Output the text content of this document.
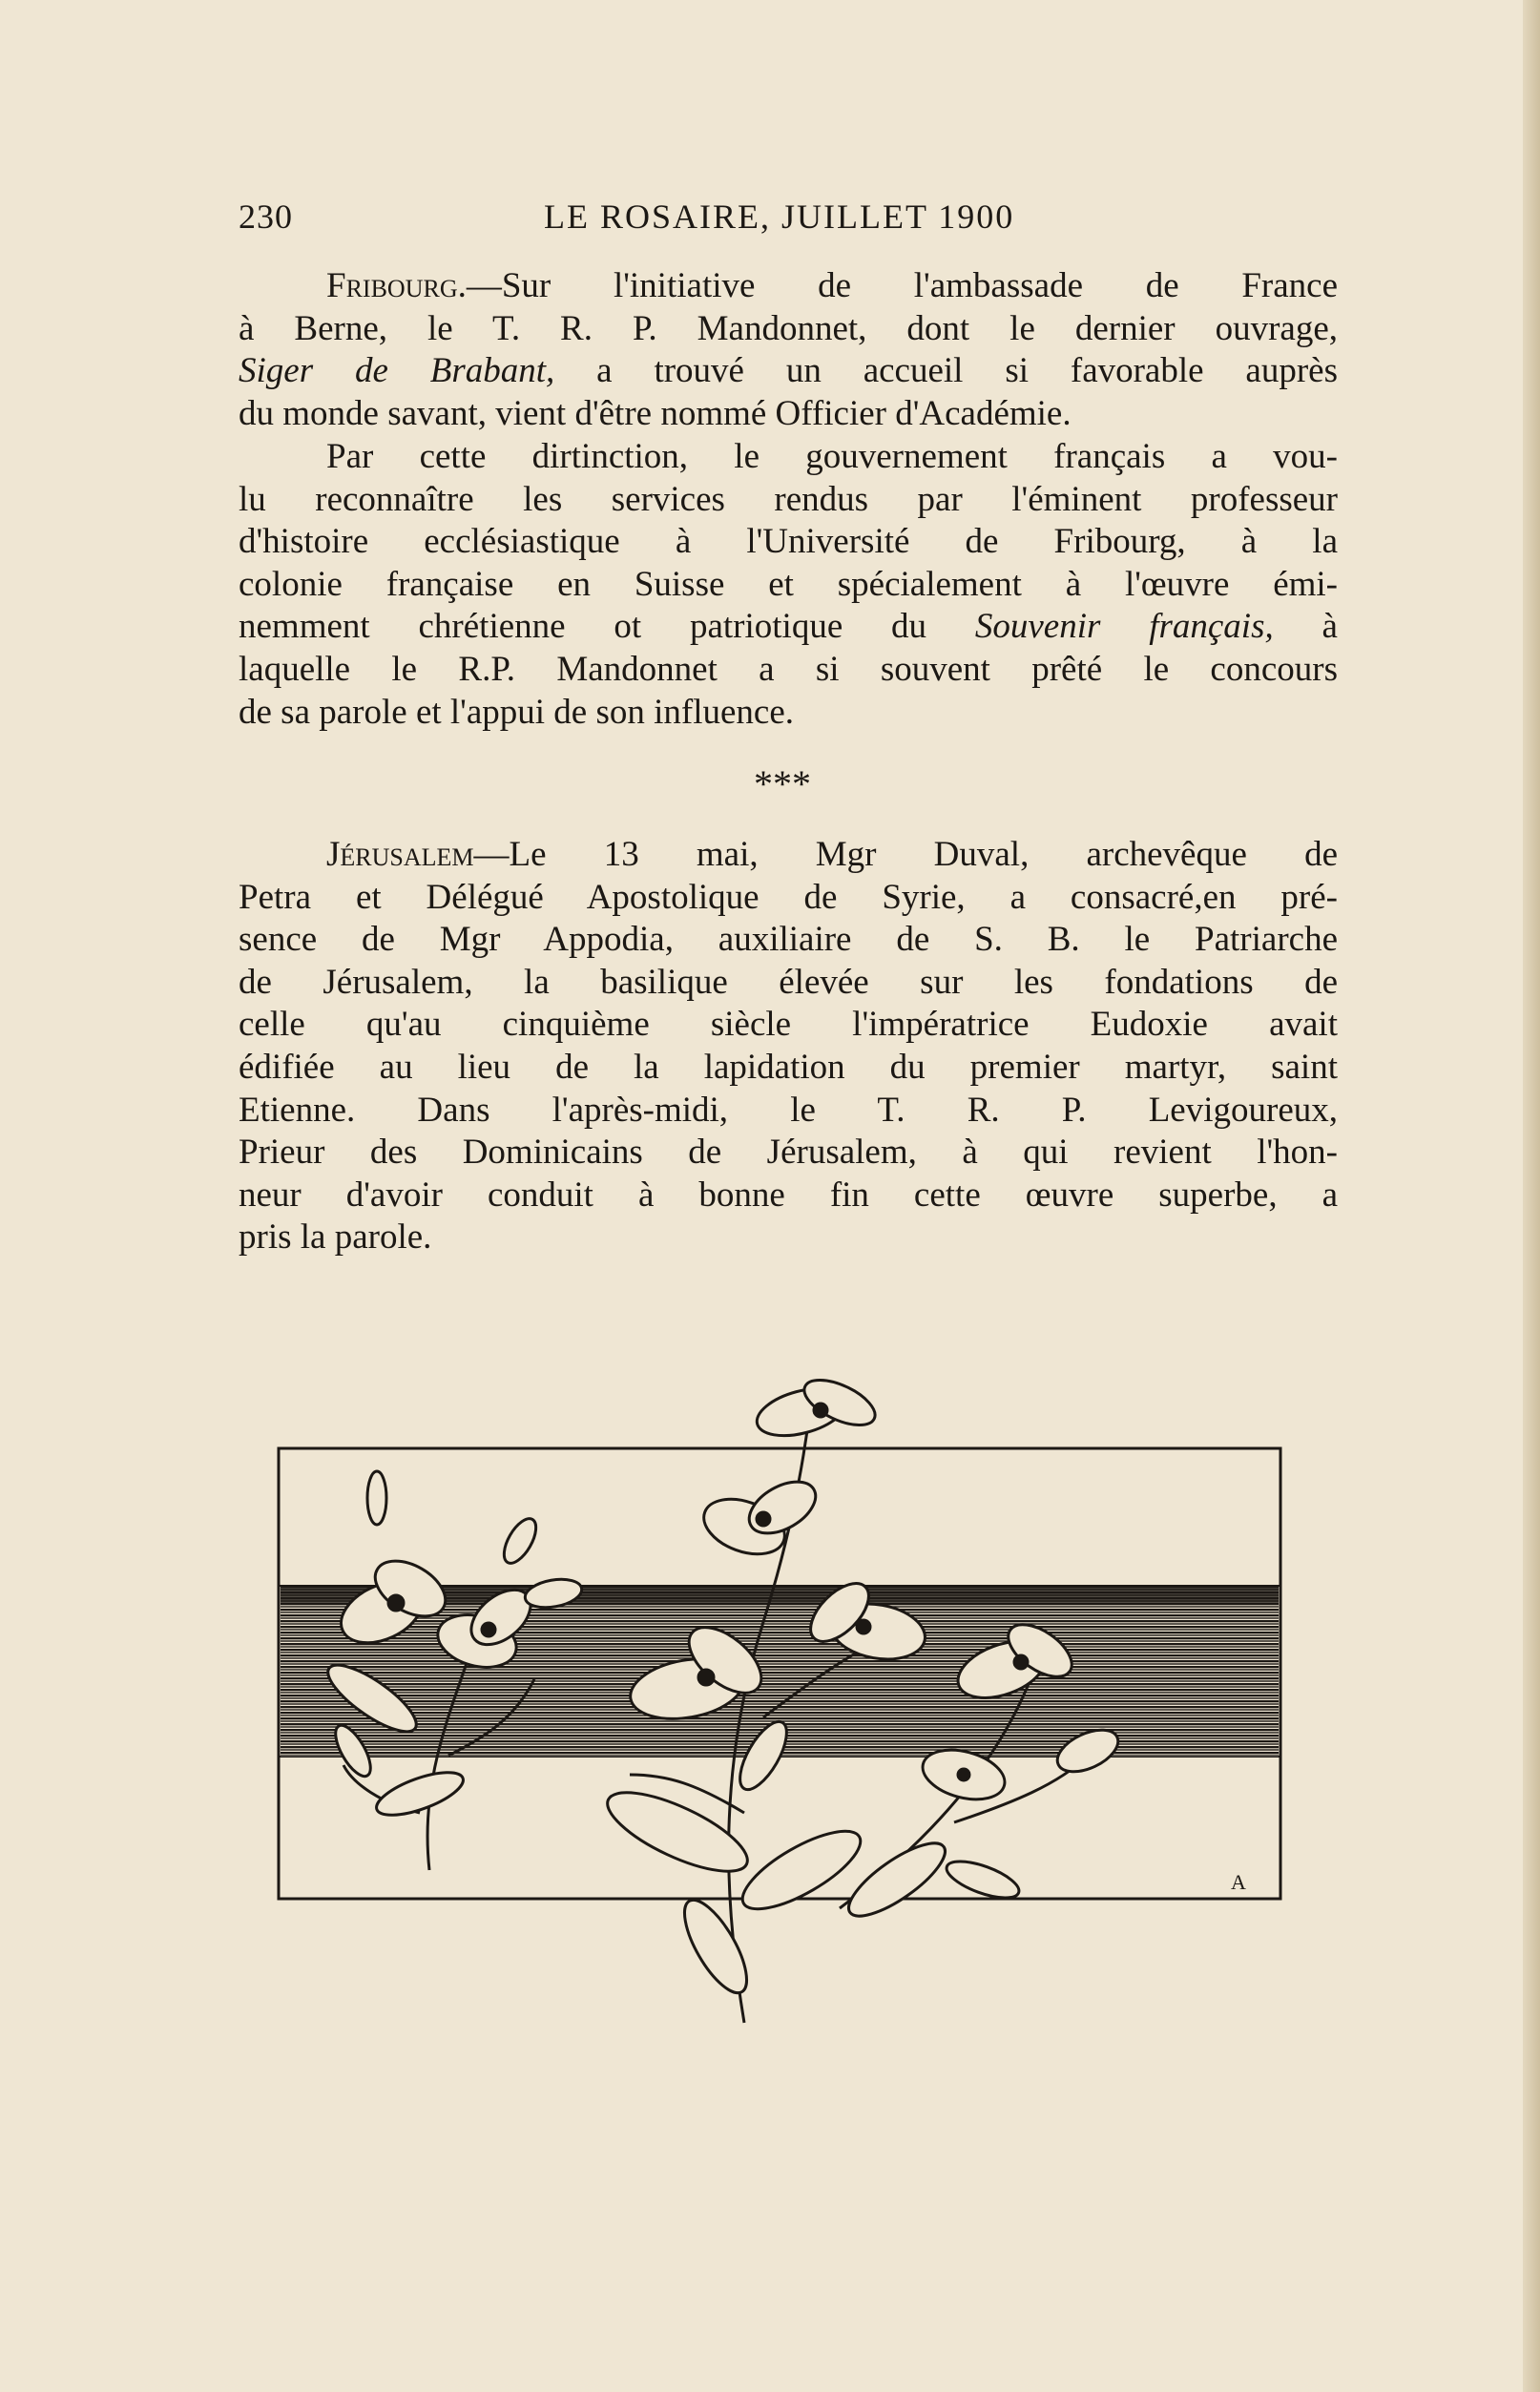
230	LE ROSAIRE, JUILLET 1900
Fribourg.—Sur l'initiative de l'ambassade de France
à Berne, le T. R. P. Mandonnet, dont le dernier ouvrage,
Siger de Brabant, a trouvé un accueil si favorable auprès
du monde savant, vient d'être nommé Officier d'Académie.
Par cette dirtinction, le gouvernement français a vou-
lu reconnaître les services rendus par l'éminent professeur
d'histoire ecclésiastique à l'Université de Fribourg, à la
colonie française en Suisse et spécialement à l'œuvre émi-
nemment chrétienne ot patriotique du Souvenir français, à
laquelle le R.P. Mandonnet a si souvent prêté le concours
de sa parole et l'appui de son influence.
***
Jérusalem—Le 13 mai, Mgr Duval, archevêque de
Petra et Délégué Apostolique de Syrie, a consacré,en pré-
sence de Mgr Appodia, auxiliaire de S. B. le Patriarche
de Jérusalem, la basilique élevée sur les fondations de
celle qu'au cinquième siècle l'impératrice Eudoxie avait
édifiée au lieu de la lapidation du premier martyr, saint
Etienne. Dans l'après-midi, le T. R. P. Levigoureux,
Prieur des Dominicains de Jérusalem, à qui revient l'hon-
neur d'avoir conduit à bonne fin cette œuvre superbe, a
pris la parole.
A
